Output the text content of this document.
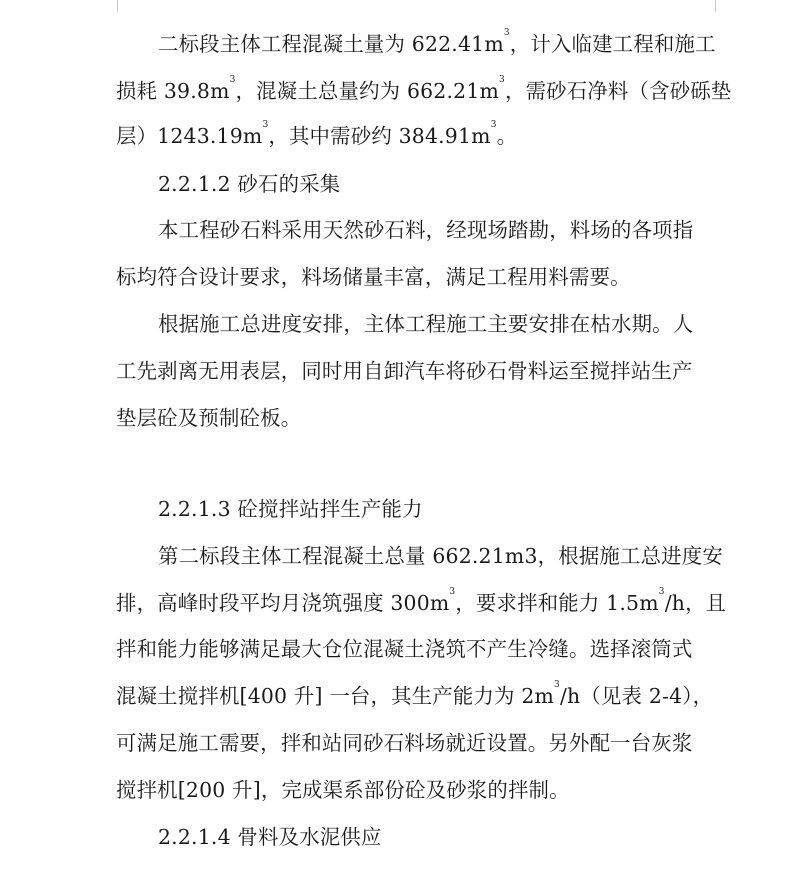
二标段主体工程混凝土量为 $622.41m^3$，计入临建工程和施工
损耗 $39.8m^3$，混凝土总量约为 $662.21m^3$，需砂石净料（含砂砾垫
层）$1243.19m^3$，其中需砂约 $384.91m^3$。
2.2.1.2 砂石的采集
本工程砂石料采用天然砂石料，经现场踏勘，料场的各项指
标均符合设计要求，料场储量丰富，满足工程用料需要。
根据施工总进度安排，主体工程施工主要安排在枯水期。人
工先剥离无用表层，同时用自卸汽车将砂石骨料运至搅拌站生产
垫层砼及预制砼板。
2.2.1.3 砼搅拌站拌生产能力
第二标段主体工程混凝土总量 662.21m3，根据施工总进度安
排，高峰时段平均月浇筑强度 $300m^3$，要求拌和能力 $1.5m^3/h$，且
拌和能力能够满足最大仓位混凝土浇筑不产生冷缝。选择滚筒式
混凝土搅拌机[400 升] 一台，其生产能力为 $2m^3/h$（见表 2-4），
可满足施工需要，拌和站同砂石料场就近设置。另外配一台灰浆
搅拌机[200 升]，完成渠系部份砼及砂浆的拌制。
2.2.1.4 骨料及水泥供应
